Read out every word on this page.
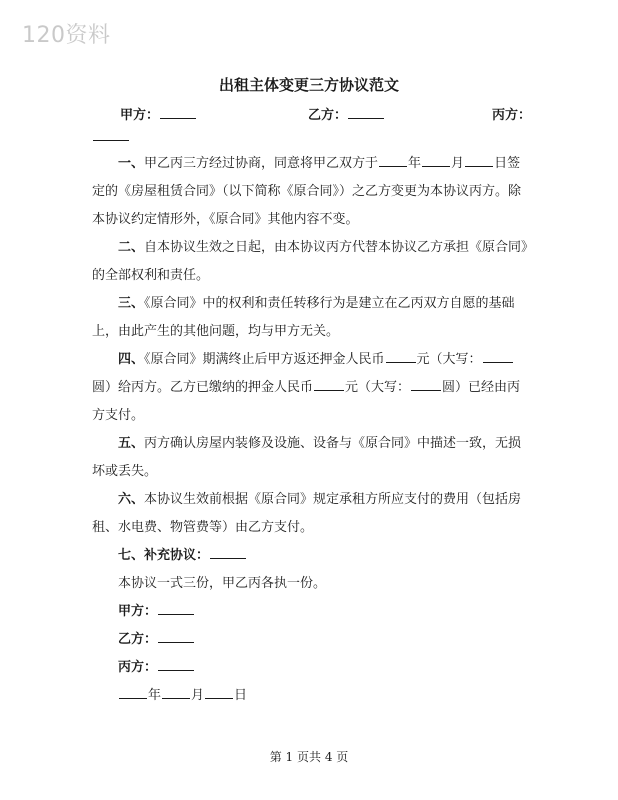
120资料
出租主体变更三方协议范文
甲方：	乙方：	丙方：

一、甲乙丙三方经过协商，同意将甲乙双方于 年 月 日签定的《房屋租赁合同》（以下简称《原合同》）之乙方变更为本协议丙方。除本协议约定情形外，《原合同》其他内容不变。

二、自本协议生效之日起，由本协议丙方代替本协议乙方承担《原合同》的全部权利和责任。

三、《原合同》中的权利和责任转移行为是建立在乙丙双方自愿的基础上，由此产生的其他问题，均与甲方无关。

四、《原合同》期满终止后甲方返还押金人民币 元（大写：圆）给丙方。乙方已缴纳的押金人民币 元（大写： 圆）已经由丙方支付。

五、丙方确认房屋内装修及设施、设备与《原合同》中描述一致，无损坏或丢失。

六、本协议生效前根据《原合同》规定承租方所应支付的费用（包括房租、水电费、物管费等）由乙方支付。

七、补充协议：

本协议一式三份，甲乙丙各执一份。

甲方：

乙方：

丙方：

年 月 日

第 1 页共 4 页
